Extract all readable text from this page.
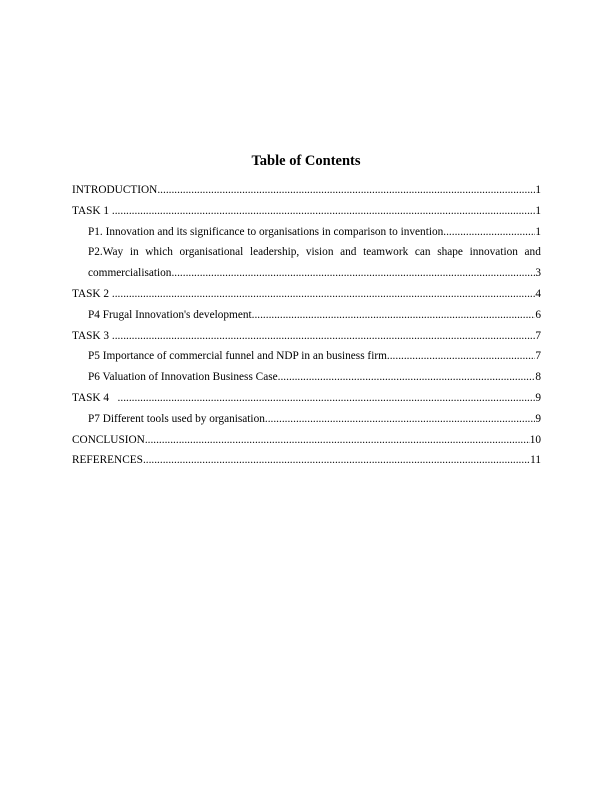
Table of Contents
INTRODUCTION .....	1
TASK 1 .....	1
P1. Innovation and its significance to organisations in comparison to invention .....	1
P2.Way in which organisational leadership, vision and teamwork can shape innovation and
commercialisation .....	3
TASK 2 .....	4
P4 Frugal Innovation's development .....	6
TASK 3 .....	7
P5 Importance of commercial funnel and NDP in an business firm .....	7
P6 Valuation of Innovation Business Case .....	8
TASK 4 .....	9
P7 Different tools used by organisation .....	9
CONCLUSION .....	10
REFERENCES .....	11
